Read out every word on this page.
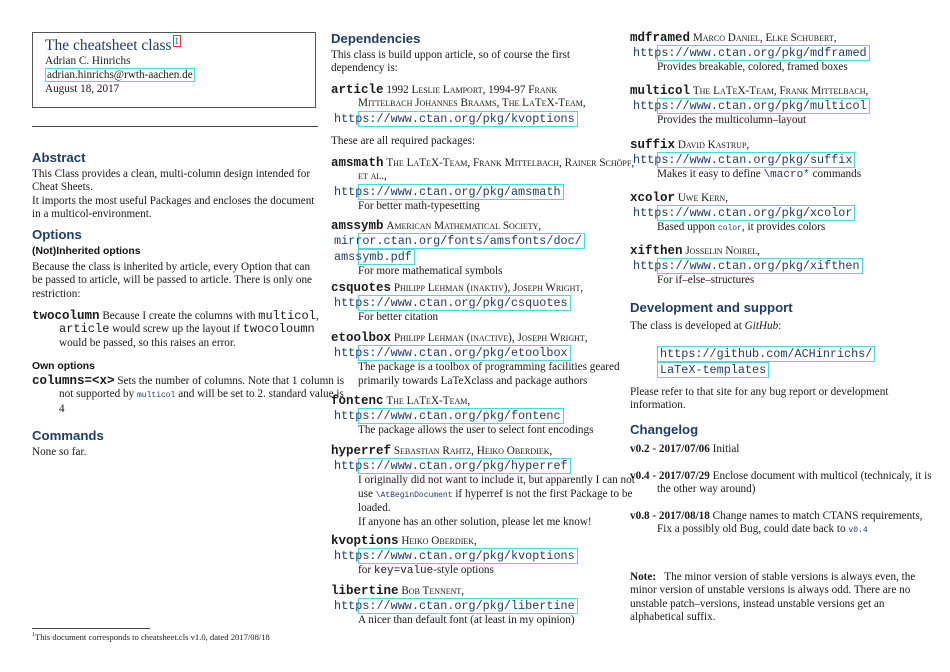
The cheatsheet class $^1$
Adrian C. Hinrichs
adrian.hinrichs@rwth-aachen.de
August 18, 2017
Abstract

This Class provides a clean, multi-column design intended for Cheat Sheets.

It imports the most useful Packages and encloses the document in a multicol-environment.

Options
(Not)Inherited options
Because the class is inherited by article, every Option that can be passed to article, will be passed to article. There is only one restriction:
twocolumn Because I create the columns with multicol, article would screw up the layout if twocoloumn would be passed, so this raises an error.
Own options
columns=<x> Sets the number of columns. Note that 1 column is not supported by multicol and will be set to 2. standard value is 4
Commands
None so far.
$^1$This document corresponds to cheatsheet.cls v1.0, dated 2017/08/18
Dependencies
This class is build uppon article, so of course the first dependency is:
article 1992 Leslie Lamport, 1994-97 Frank
Mittelbach Johannes Braams, The LaTeX-Team,
https://www.ctan.org/pkg/kvoptions
These are all required packages:
amsmath The LaTeX-Team, Frank Mittelbach, Rainer Schöpf, et al.,
https://www.ctan.org/pkg/amsmath
For better math-typesetting
amssymb American Mathematical Society,
mirror.ctan.org/fonts/amsfonts/doc/
amssymb.pdf
For more mathematical symbols
csquotes Philipp Lehman (inaktiv), Joseph Wright,
https://www.ctan.org/pkg/csquotes
For better citation
etoolbox Philipp Lehman (inactive), Joseph Wright,
https://www.ctan.org/pkg/etoolbox
The package is a toolbox of programming facilities geared primarily towards LaTeXclass and package authors
fontenc The LaTeX-Team,
https://www.ctan.org/pkg/fontenc
The package allows the user to select font encodings
hyperref Sebastian Rahtz, Heiko Oberdiek,
https://www.ctan.org/pkg/hyperref
I originally did not want to include it, but apparently I can not use \AtBeginDocument if hyperref is not the first Package to be loaded.
If anyone has an other solution, please let me know!
kvoptions Heiko Oberdiek,
https://www.ctan.org/pkg/kvoptions
for key=value-style options
libertine Bob Tennent,
https://www.ctan.org/pkg/libertine
A nicer than default font (at least in my opinion)
mdframed Marco Daniel, Elke Schubert,
https://www.ctan.org/pkg/mdframed
Provides breakable, colored, framed boxes
multicol The LaTeX-Team, Frank Mittelbach,
https://www.ctan.org/pkg/multicol
Provides the multicolumn–layout
suffix David Kastrup,
https://www.ctan.org/pkg/suffix
Makes it easy to define \macro* commands
xcolor Uwe Kern,
https://www.ctan.org/pkg/xcolor
Based uppon color, it provides colors
xifthen Josselin Noirel,
https://www.ctan.org/pkg/xifthen
For if–else–structures
Development and support
The class is developed at GitHub:
https://github.com/ACHinrichs/
LaTeX-templates
Please refer to that site for any bug report or development information.
Changelog
v0.2 - 2017/07/06 Initial
v0.4 - 2017/07/29 Enclose document with multicol (technicaly, it is the other way around)
v0.8 - 2017/08/18 Change names to match CTANS requirements,
Fix a possibly old Bug, could date back to v0.4
Note: The minor version of stable versions is always even, the minor version of unstable versions is always odd. There are no unstable patch–versions, instead unstable versions get an alphabetical suffix.
